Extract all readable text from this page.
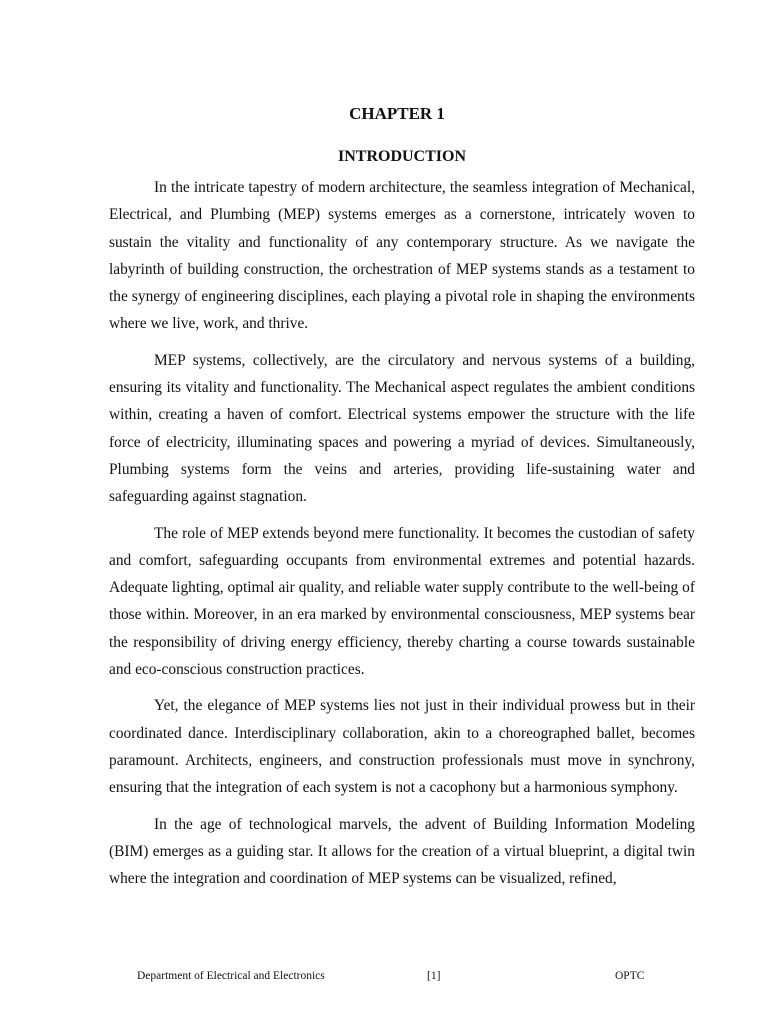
CHAPTER 1
INTRODUCTION

In the intricate tapestry of modern architecture, the seamless integration of Mechanical, Electrical, and Plumbing (MEP) systems emerges as a cornerstone, intricately woven to sustain the vitality and functionality of any contemporary structure. As we navigate the labyrinth of building construction, the orchestration of MEP systems stands as a testament to the synergy of engineering disciplines, each playing a pivotal role in shaping the environments where we live, work, and thrive.

MEP systems, collectively, are the circulatory and nervous systems of a building, ensuring its vitality and functionality. The Mechanical aspect regulates the ambient conditions within, creating a haven of comfort. Electrical systems empower the structure with the life force of electricity, illuminating spaces and powering a myriad of devices. Simultaneously, Plumbing systems form the veins and arteries, providing life-sustaining water and safeguarding against stagnation.

The role of MEP extends beyond mere functionality. It becomes the custodian of safety and comfort, safeguarding occupants from environmental extremes and potential hazards. Adequate lighting, optimal air quality, and reliable water supply contribute to the well-being of those within. Moreover, in an era marked by environmental consciousness, MEP systems bear the responsibility of driving energy efficiency, thereby charting a course towards sustainable and eco-conscious construction practices.

Yet, the elegance of MEP systems lies not just in their individual prowess but in their coordinated dance. Interdisciplinary collaboration, akin to a choreographed ballet, becomes paramount. Architects, engineers, and construction professionals must move in synchrony, ensuring that the integration of each system is not a cacophony but a harmonious symphony.

In the age of technological marvels, the advent of Building Information Modeling (BIM) emerges as a guiding star. It allows for the creation of a virtual blueprint, a digital twin where the integration and coordination of MEP systems can be visualized, refined,

Department of Electrical and Electronics	[1]	OPTC
